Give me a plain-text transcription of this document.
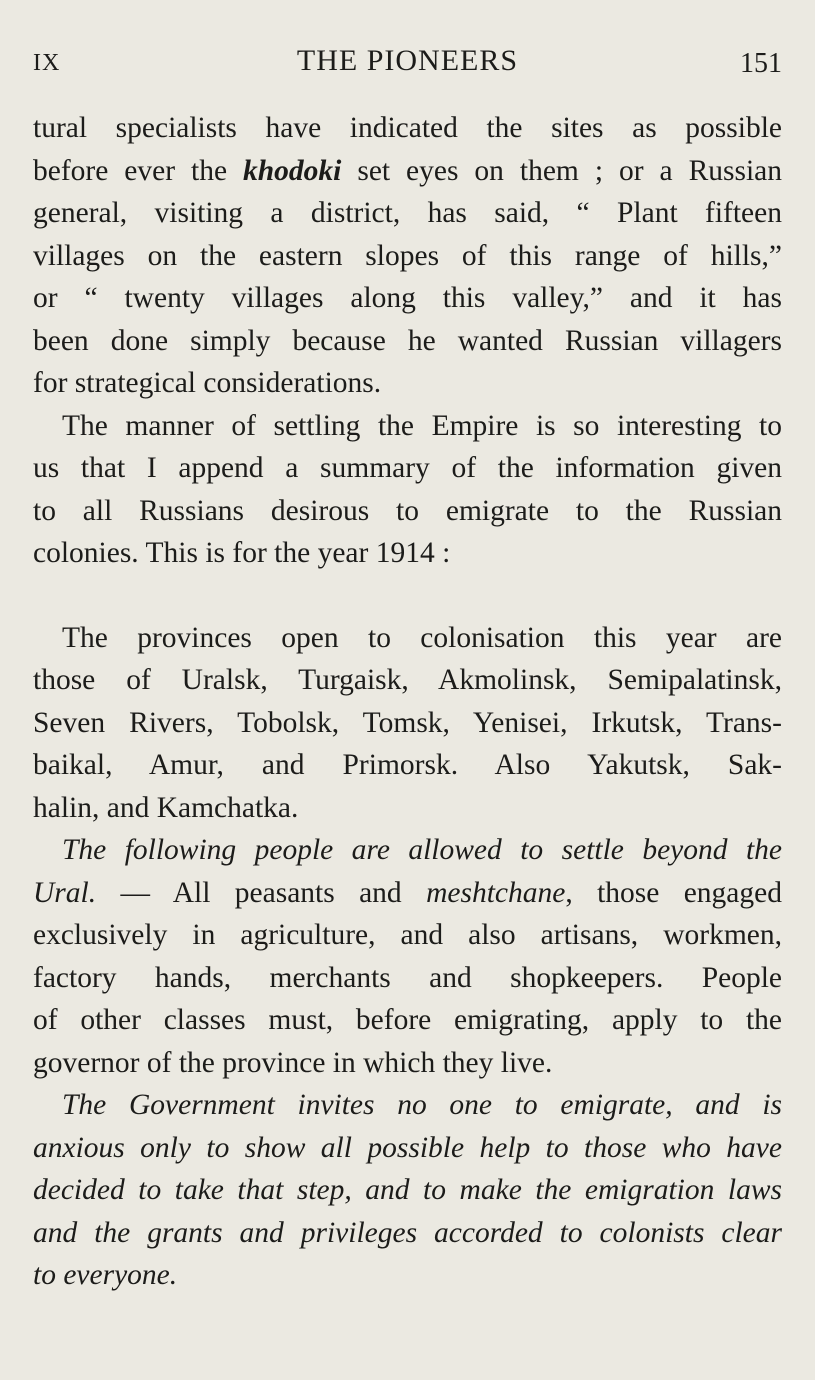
IX	THE PIONEERS	151

tural specialists have indicated the sites as possible
before ever the khodoki set eyes on them ; or a Russian
general, visiting a district, has said, “ Plant fifteen
villages on the eastern slopes of this range of hills,”
or “ twenty villages along this valley,” and it has
been done simply because he wanted Russian villagers
for strategical considerations.

The manner of settling the Empire is so interesting to
us that I append a summary of the information given
to all Russians desirous to emigrate to the Russian
colonies. This is for the year 1914 :

The provinces open to colonisation this year are
those of Uralsk, Turgaisk, Akmolinsk, Semipalatinsk,
Seven Rivers, Tobolsk, Tomsk, Yenisei, Irkutsk, Trans-
baikal, Amur, and Primorsk. Also Yakutsk, Sak-
halin, and Kamchatka.

The following people are allowed to settle beyond the
Ural. — All peasants and meshtchane, those engaged
exclusively in agriculture, and also artisans, workmen,
factory hands, merchants and shopkeepers. People
of other classes must, before emigrating, apply to the
governor of the province in which they live.

The Government invites no one to emigrate, and is
anxious only to show all possible help to those who have
decided to take that step, and to make the emigration laws
and the grants and privileges accorded to colonists clear
to everyone.
